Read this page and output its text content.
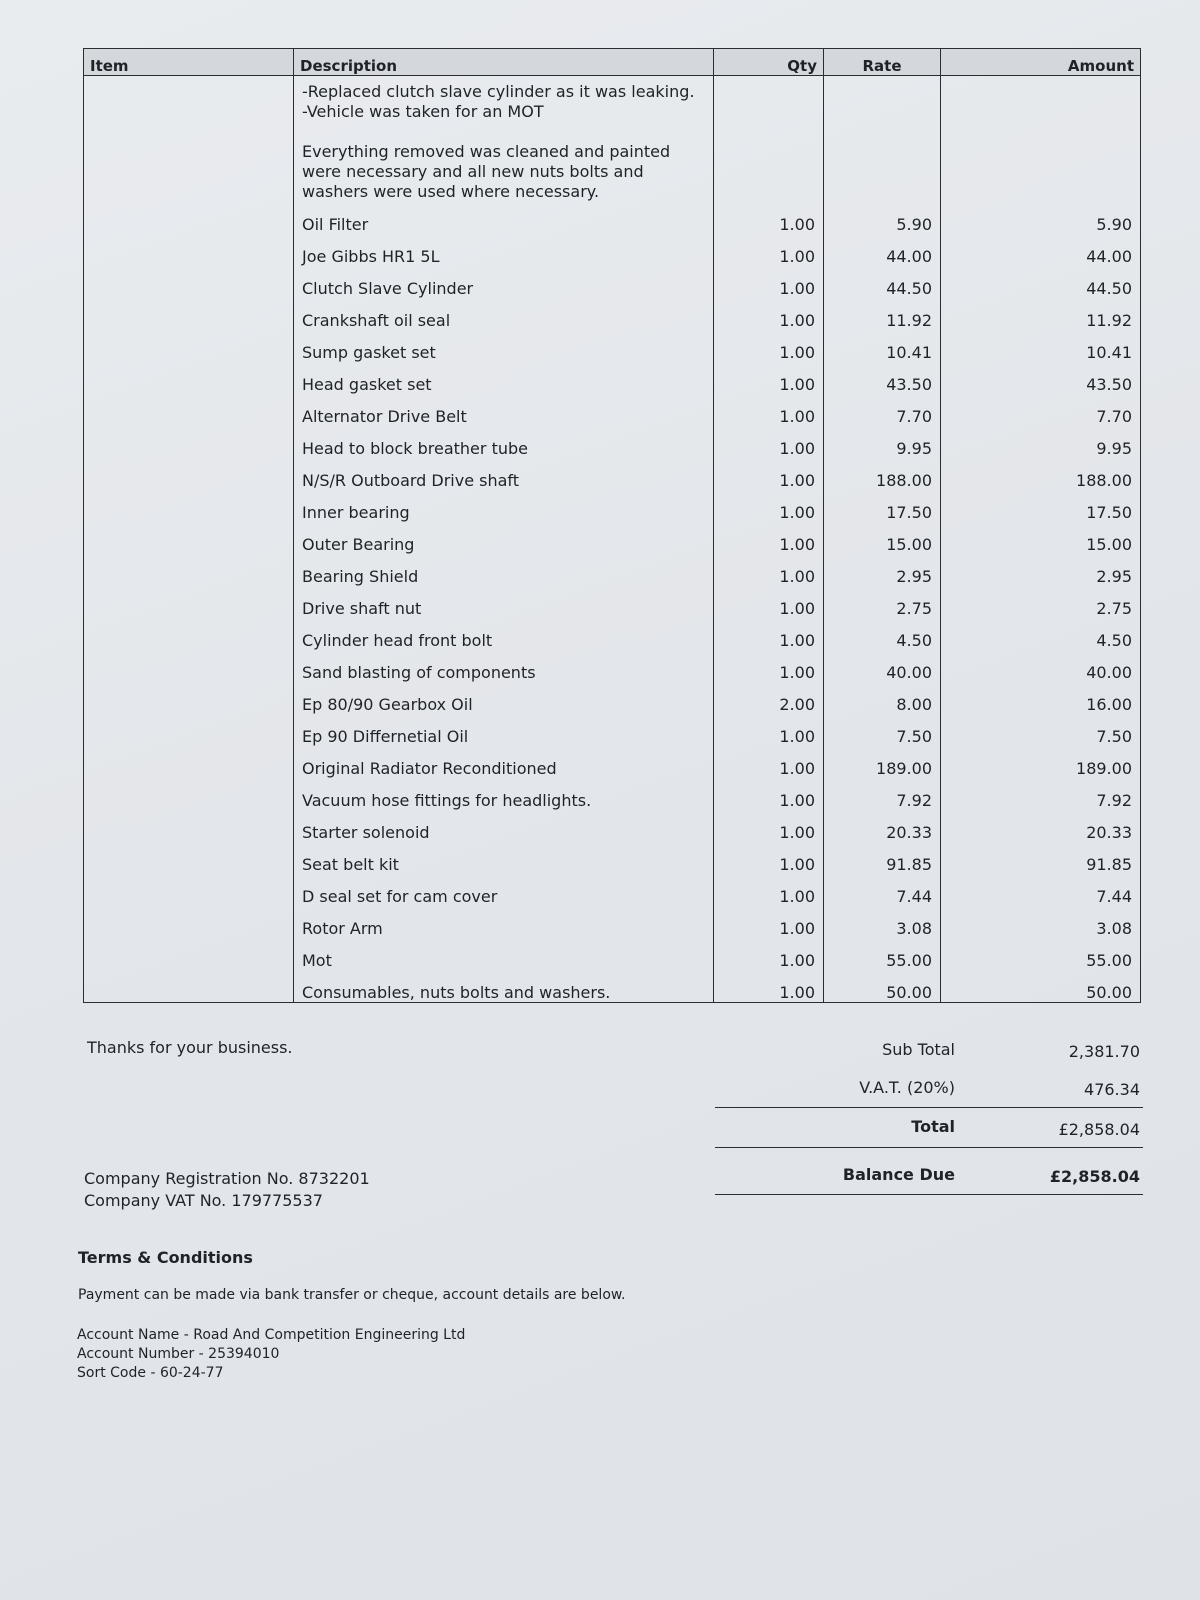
Item	Description	Qty	Rate	Amount

	-Replaced clutch slave cylinder as it was leaking.
-Vehicle was taken for an MOT
Everything removed was cleaned and painted were necessary and all new nuts bolts and washers were used where necessary.			

	Oil Filter	1.00	5.90	5.90
	Joe Gibbs HR1 5L	1.00	44.00	44.00
	Clutch Slave Cylinder	1.00	44.50	44.50
	Crankshaft oil seal	1.00	11.92	11.92
	Sump gasket set	1.00	10.41	10.41
	Head gasket set	1.00	43.50	43.50
	Alternator Drive Belt	1.00	7.70	7.70
	Head to block breather tube	1.00	9.95	9.95
	N/S/R Outboard Drive shaft	1.00	188.00	188.00
	Inner bearing	1.00	17.50	17.50
	Outer Bearing	1.00	15.00	15.00
	Bearing Shield	1.00	2.95	2.95
	Drive shaft nut	1.00	2.75	2.75
	Cylinder head front bolt	1.00	4.50	4.50
	Sand blasting of components	1.00	40.00	40.00
	Ep 80/90 Gearbox Oil	2.00	8.00	16.00
	Ep 90 Differnetial Oil	1.00	7.50	7.50
	Original Radiator Reconditioned	1.00	189.00	189.00
	Vacuum hose fittings for headlights.	1.00	7.92	7.92
	Starter solenoid	1.00	20.33	20.33
	Seat belt kit	1.00	91.85	91.85
	D seal set for cam cover	1.00	7.44	7.44
	Rotor Arm	1.00	3.08	3.08
	Mot	1.00	55.00	55.00
	Consumables, nuts bolts and washers.	1.00	50.00	50.00
Thanks for your business.	Sub Total	2,381.70
V.A.T. (20%)	476.34
Total	£2,858.04
Balance Due	£2,858.04
Company Registration No. 8732201
Company VAT No. 179775537
Terms & Conditions
Payment can be made via bank transfer or cheque, account details are below.
Account Name - Road And Competition Engineering Ltd
Account Number - 25394010
Sort Code - 60-24-77
